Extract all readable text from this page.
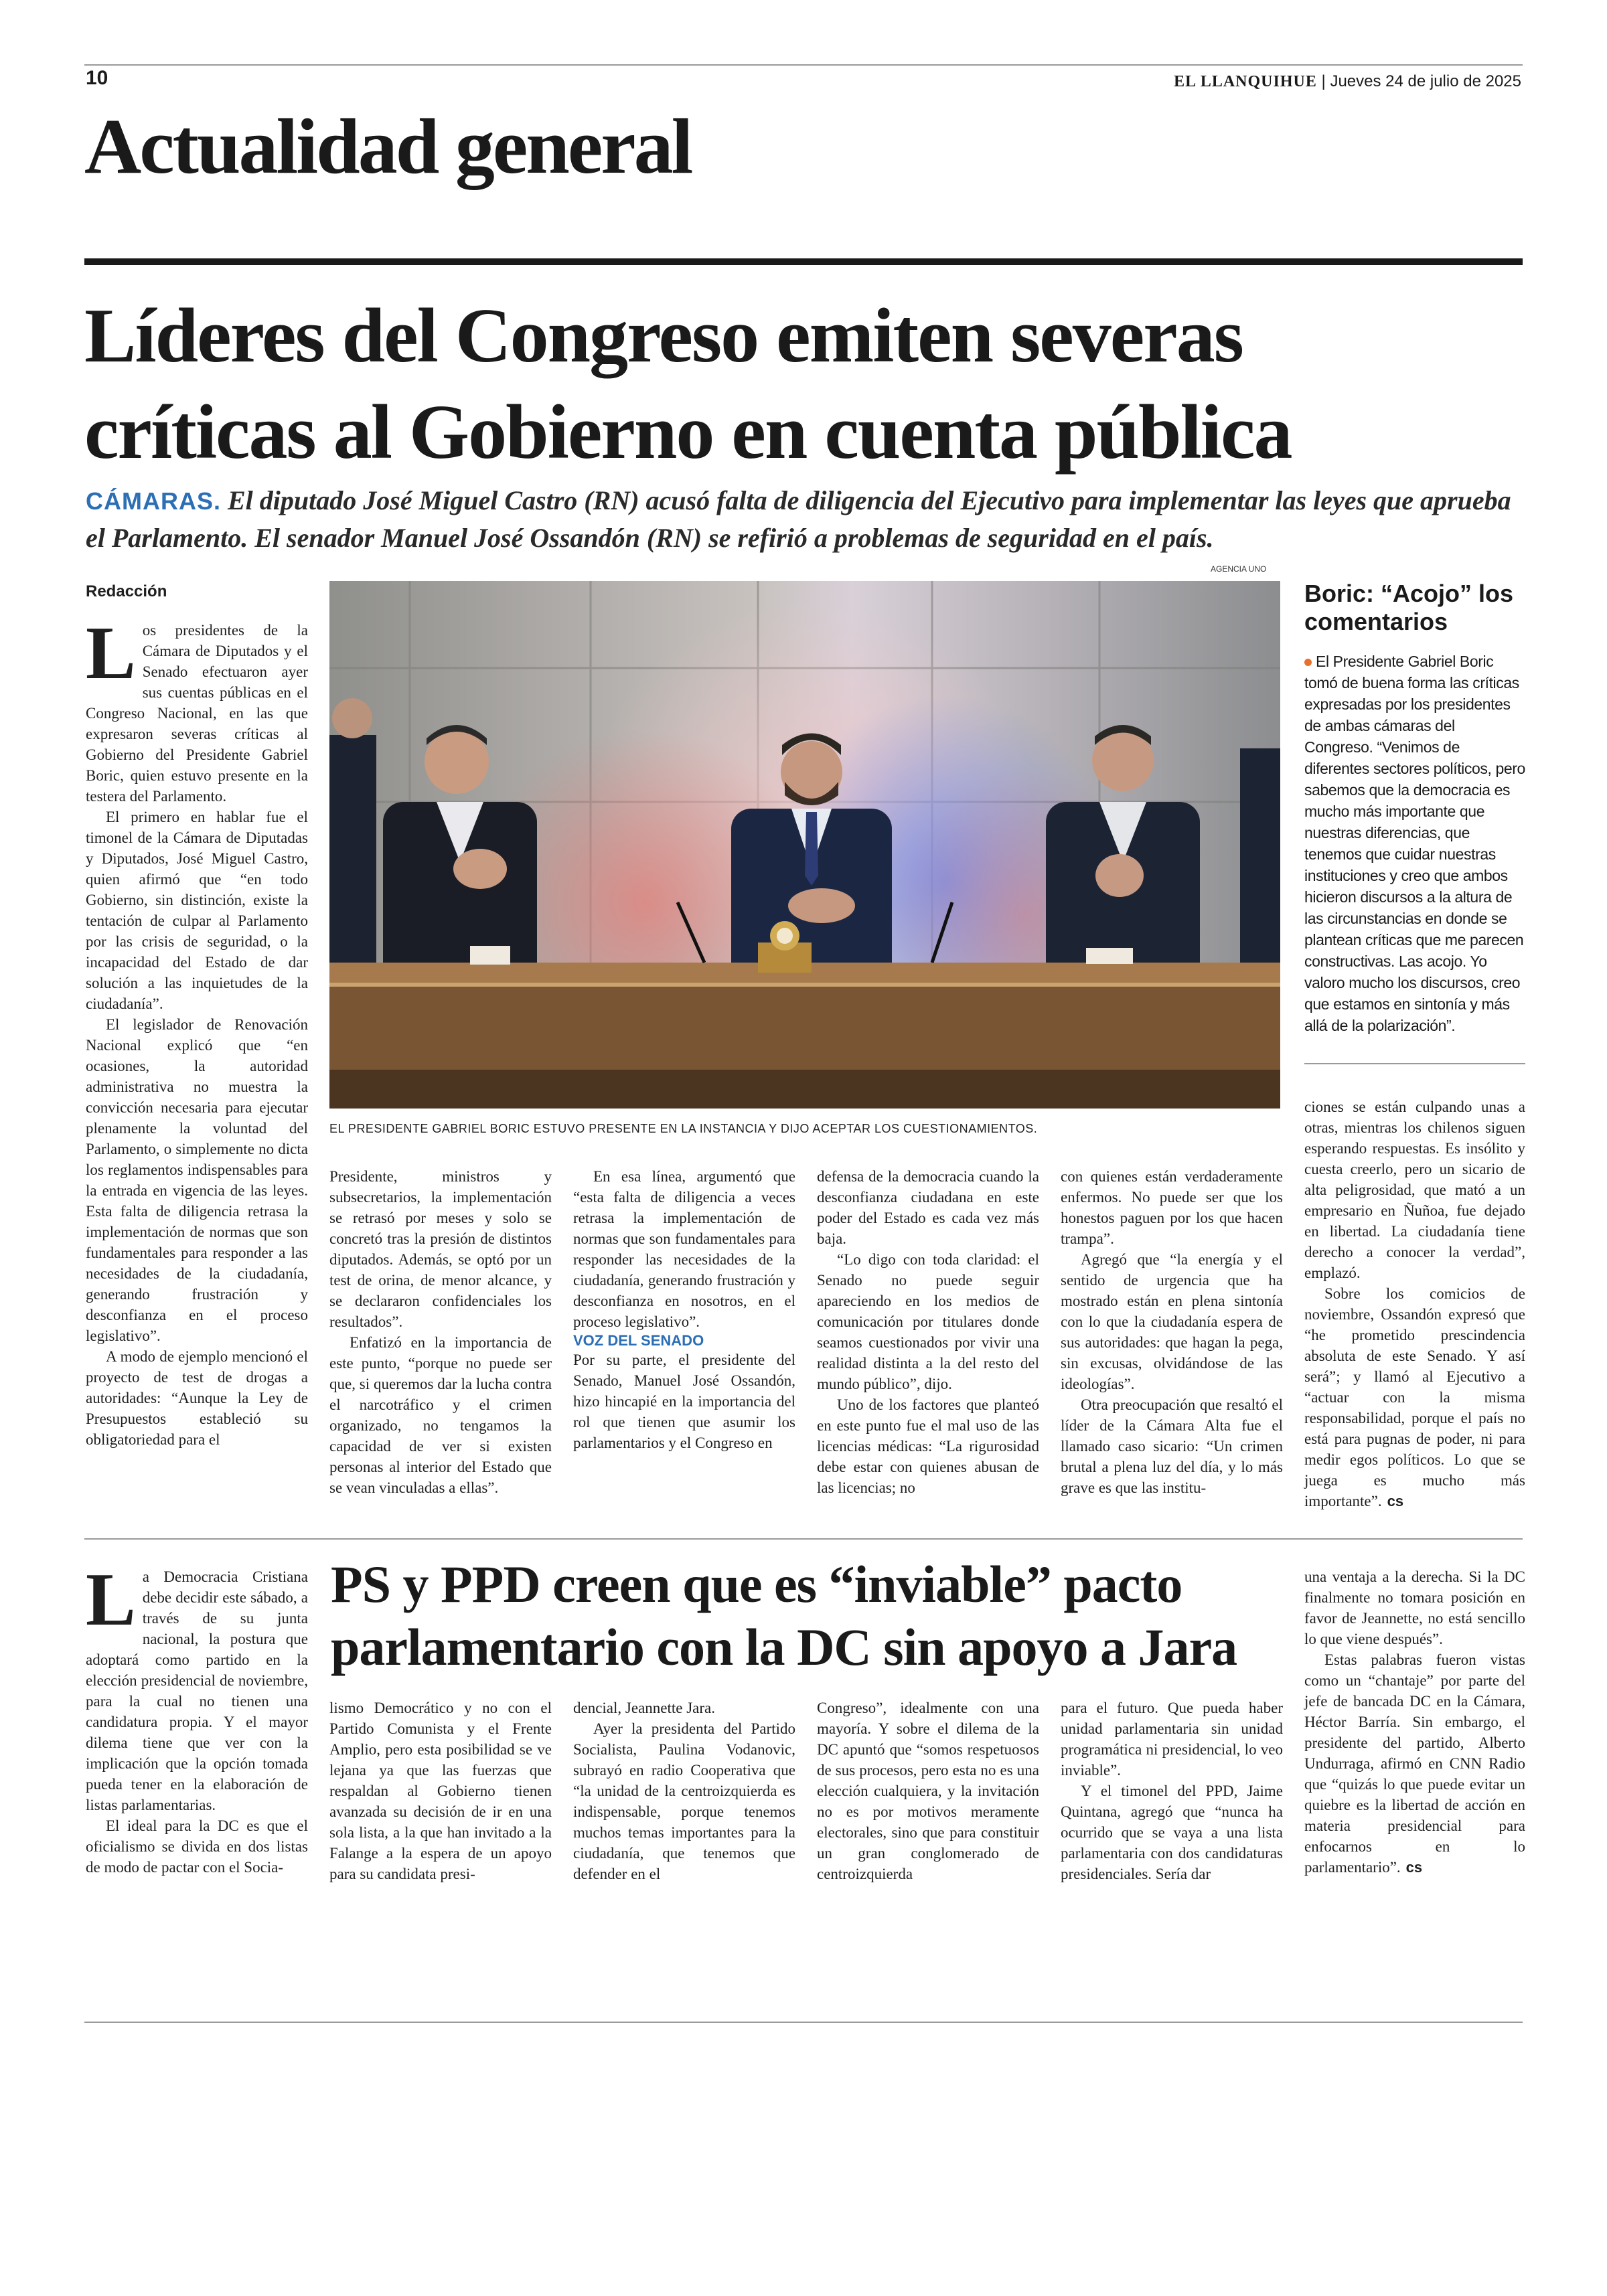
10	EL LLANQUIHUE | Jueves 24 de julio de 2025
Actualidad general
Líderes del Congreso emiten severas
críticas al Gobierno en cuenta pública
CÁMARAS. El diputado José Miguel Castro (RN) acusó falta de diligencia del Ejecutivo para implementar las leyes que aprueba el Parlamento. El senador Manuel José Ossandón (RN) se refirió a problemas de seguridad en el país.
AGENCIA UNO
EL PRESIDENTE GABRIEL BORIC ESTUVO PRESENTE EN LA INSTANCIA Y DIJO ACEPTAR LOS CUESTIONAMIENTOS.

Redacción

Los presidentes de la Cámara de Diputados y el Senado efectuaron ayer sus cuentas públicas en el Congreso Nacional, en las que expresaron severas críticas al Gobierno del Presidente Gabriel Boric, quien estuvo presente en la testera del Parlamento.

El primero en hablar fue el timonel de la Cámara de Diputadas y Diputados, José Miguel Castro, quien afirmó que “en todo Gobierno, sin distinción, existe la tentación de culpar al Parlamento por las crisis de seguridad, o la incapacidad del Estado de dar solución a las inquietudes de la ciudadanía”.

El legislador de Renovación Nacional explicó que “en ocasiones, la autoridad administrativa no muestra la convicción necesaria para ejecutar plenamente la voluntad del Parlamento, o simplemente no dicta los reglamentos indispensables para la entrada en vigencia de las leyes. Esta falta de diligencia retrasa la implementación de normas que son fundamentales para responder a las necesidades de la ciudadanía, generando frustración y desconfianza en el proceso legislativo”.

A modo de ejemplo mencionó el proyecto de test de drogas a autoridades: “Aunque la Ley de Presupuestos estableció su obligatoriedad para el

Presidente, ministros y subsecretarios, la implementación se retrasó por meses y solo se concretó tras la presión de distintos diputados. Además, se optó por un test de orina, de menor alcance, y se declararon confidenciales los resultados”.

Enfatizó en la importancia de este punto, “porque no puede ser que, si queremos dar la lucha contra el narcotráfico y el crimen organizado, no tengamos la capacidad de ver si existen personas al interior del Estado que se vean vinculadas a ellas”.

En esa línea, argumentó que “esta falta de diligencia a veces retrasa la implementación de normas que son fundamentales para responder las necesidades de la ciudadanía, generando frustración y desconfianza en nosotros, en el proceso legislativo”.

VOZ DEL SENADO

Por su parte, el presidente del Senado, Manuel José Ossandón, hizo hincapié en la importancia del rol que tienen que asumir los parlamentarios y el Congreso en

defensa de la democracia cuando la desconfianza ciudadana en este poder del Estado es cada vez más baja.

“Lo digo con toda claridad: el Senado no puede seguir apareciendo en los medios de comunicación por titulares donde seamos cuestionados por vivir una realidad distinta a la del resto del mundo público”, dijo.

Uno de los factores que planteó en este punto fue el mal uso de las licencias médicas: “La rigurosidad debe estar con quienes abusan de las licencias; no

con quienes están verdaderamente enfermos. No puede ser que los honestos paguen por los que hacen trampa”.

Agregó que “la energía y el sentido de urgencia que ha mostrado están en plena sintonía con lo que la ciudadanía espera de sus autoridades: que hagan la pega, sin excusas, olvidándose de las ideologías”.

Otra preocupación que resaltó el líder de la Cámara Alta fue el llamado caso sicario: “Un crimen brutal a plena luz del día, y lo más grave es que las institu-

Boric: “Acojo” los comentarios
El Presidente Gabriel Boric tomó de buena forma las críticas expresadas por los presidentes de ambas cámaras del Congreso. “Venimos de diferentes sectores políticos, pero sabemos que la democracia es mucho más importante que nuestras diferencias, que tenemos que cuidar nuestras instituciones y creo que ambos hicieron discursos a la altura de las circunstancias en donde se plantean críticas que me parecen constructivas. Las acojo. Yo valoro mucho los discursos, creo que estamos en sintonía y más allá de la polarización”.

ciones se están culpando unas a otras, mientras los chilenos siguen esperando respuestas. Es insólito y cuesta creerlo, pero un sicario de alta peligrosidad, que mató a un empresario en Ñuñoa, fue dejado en libertad. La ciudadanía tiene derecho a conocer la verdad”, emplazó.

Sobre los comicios de noviembre, Ossandón expresó que “he prometido prescindencia absoluta de este Senado. Y así será”; y llamó al Ejecutivo a “actuar con la misma responsabilidad, porque el país no está para pugnas de poder, ni para medir egos políticos. Lo que se juega es mucho más importante”. cs

PS y PPD creen que es “inviable” pacto
parlamentario con la DC sin apoyo a Jara

La Democracia Cristiana debe decidir este sábado, a través de su junta nacional, la postura que adoptará como partido en la elección presidencial de noviembre, para la cual no tienen una candidatura propia. Y el mayor dilema tiene que ver con la implicación que la opción tomada pueda tener en la elaboración de listas parlamentarias.

El ideal para la DC es que el oficialismo se divida en dos listas de modo de pactar con el Socia-

lismo Democrático y no con el Partido Comunista y el Frente Amplio, pero esta posibilidad se ve lejana ya que las fuerzas que respaldan al Gobierno tienen avanzada su decisión de ir en una sola lista, a la que han invitado a la Falange a la espera de un apoyo para su candidata presi-

dencial, Jeannette Jara.

Ayer la presidenta del Partido Socialista, Paulina Vodanovic, subrayó en radio Cooperativa que “la unidad de la centroizquierda es indispensable, porque tenemos muchos temas importantes para la ciudadanía, que tenemos que defender en el

Congreso”, idealmente con una mayoría. Y sobre el dilema de la DC apuntó que “somos respetuosos de sus procesos, pero esta no es una elección cualquiera, y la invitación no es por motivos meramente electorales, sino que para constituir un gran conglomerado de centroizquierda

para el futuro. Que pueda haber unidad parlamentaria sin unidad programática ni presidencial, lo veo inviable”.

Y el timonel del PPD, Jaime Quintana, agregó que “nunca ha ocurrido que se vaya a una lista parlamentaria con dos candidaturas presidenciales. Sería dar

una ventaja a la derecha. Si la DC finalmente no tomara posición en favor de Jeannette, no está sencillo lo que viene después”.

Estas palabras fueron vistas como un “chantaje” por parte del jefe de bancada DC en la Cámara, Héctor Barría. Sin embargo, el presidente del partido, Alberto Undurraga, afirmó en CNN Radio que “quizás lo que puede evitar un quiebre es la libertad de acción en materia presidencial para enfocarnos en lo parlamentario”. cs
